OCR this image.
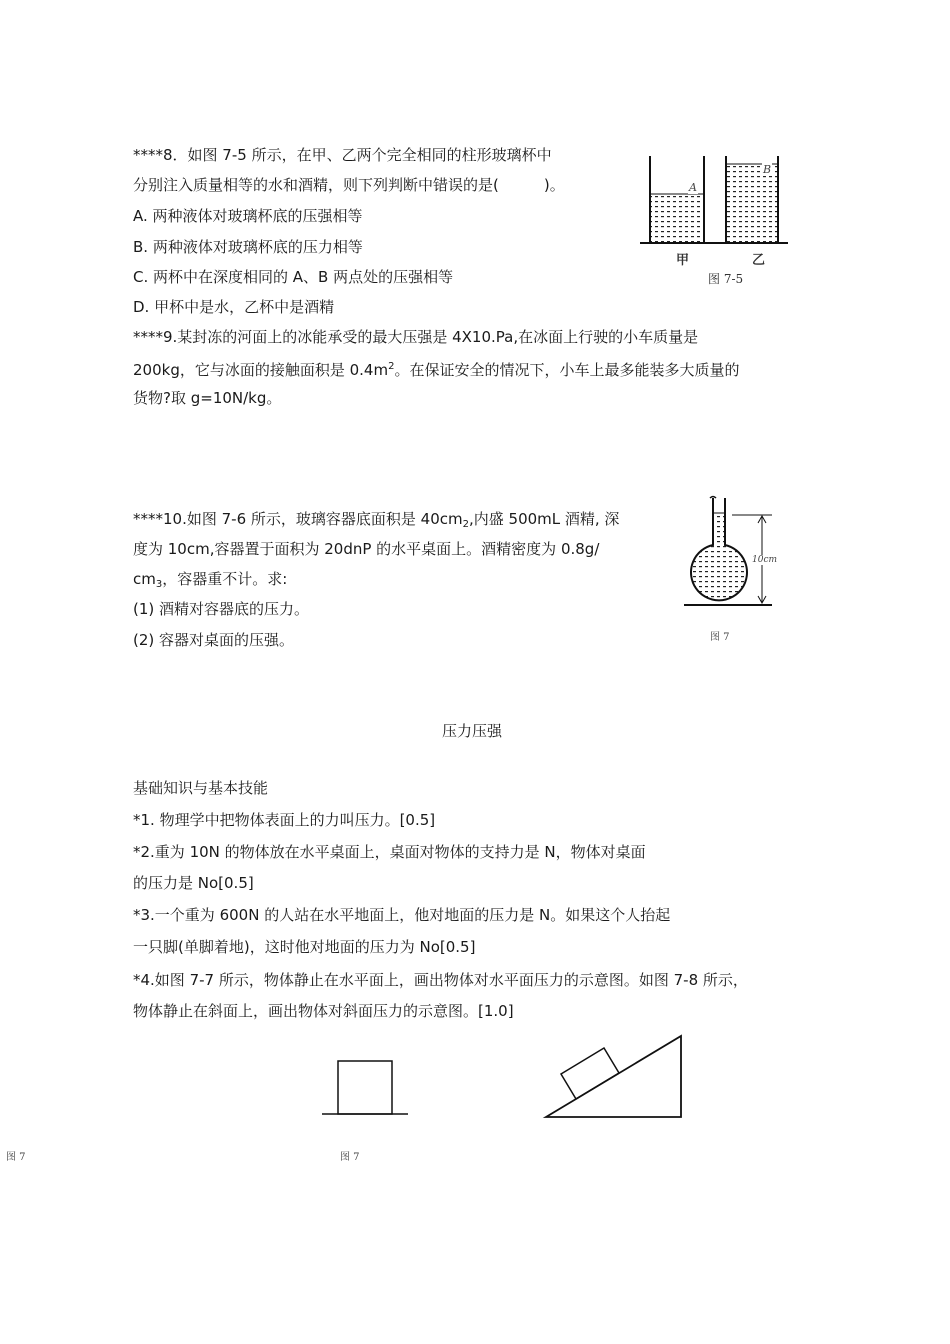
****8．如图 7-5 所示，在甲、乙两个完全相同的柱形玻璃杯中
分别注入质量相等的水和酒精，则下列判断中错误的是(　　　)。
A. 两种液体对玻璃杯底的压强相等
B. 两种液体对玻璃杯底的压力相等
C. 两杯中在深度相同的 A、B 两点处的压强相等
D. 甲杯中是水，乙杯中是酒精
A
B
甲	乙
图 7-5
****9.某封冻的河面上的冰能承受的最大压强是 4X10.Pa,在冰面上行驶的小车质量是
200kg，它与冰面的接触面积是 $0.4m^2$。在保证安全的情况下，小车上最多能装多大质量的
货物?取 g=10N/kg。
****10.如图 7-6 所示，玻璃容器底面积是 $40cm_2$,内盛 500mL 酒精, 深
度为 10cm,容器置于面积为 20dnP 的水平桌面上。酒精密度为 0.8g/
$cm_3$，容器重不计。求:
(1) 酒精对容器底的压力。
(2) 容器对桌面的压强。
10cm
图 7
压力压强
基础知识与基本技能
*1. 物理学中把物体表面上的力叫压力。[0.5]
*2.重为 10N 的物体放在水平桌面上，桌面对物体的支持力是 N，物体对桌面
的压力是 No[0.5]
*3.一个重为 600N 的人站在水平地面上，他对地面的压力是 N。如果这个人抬起
一只脚(单脚着地)，这时他对地面的压力为 No[0.5]
*4.如图 7-7 所示，物体静止在水平面上，画出物体对水平面压力的示意图。如图 7-8 所示，
物体静止在斜面上，画出物体对斜面压力的示意图。[1.0]
图 7	图 7
